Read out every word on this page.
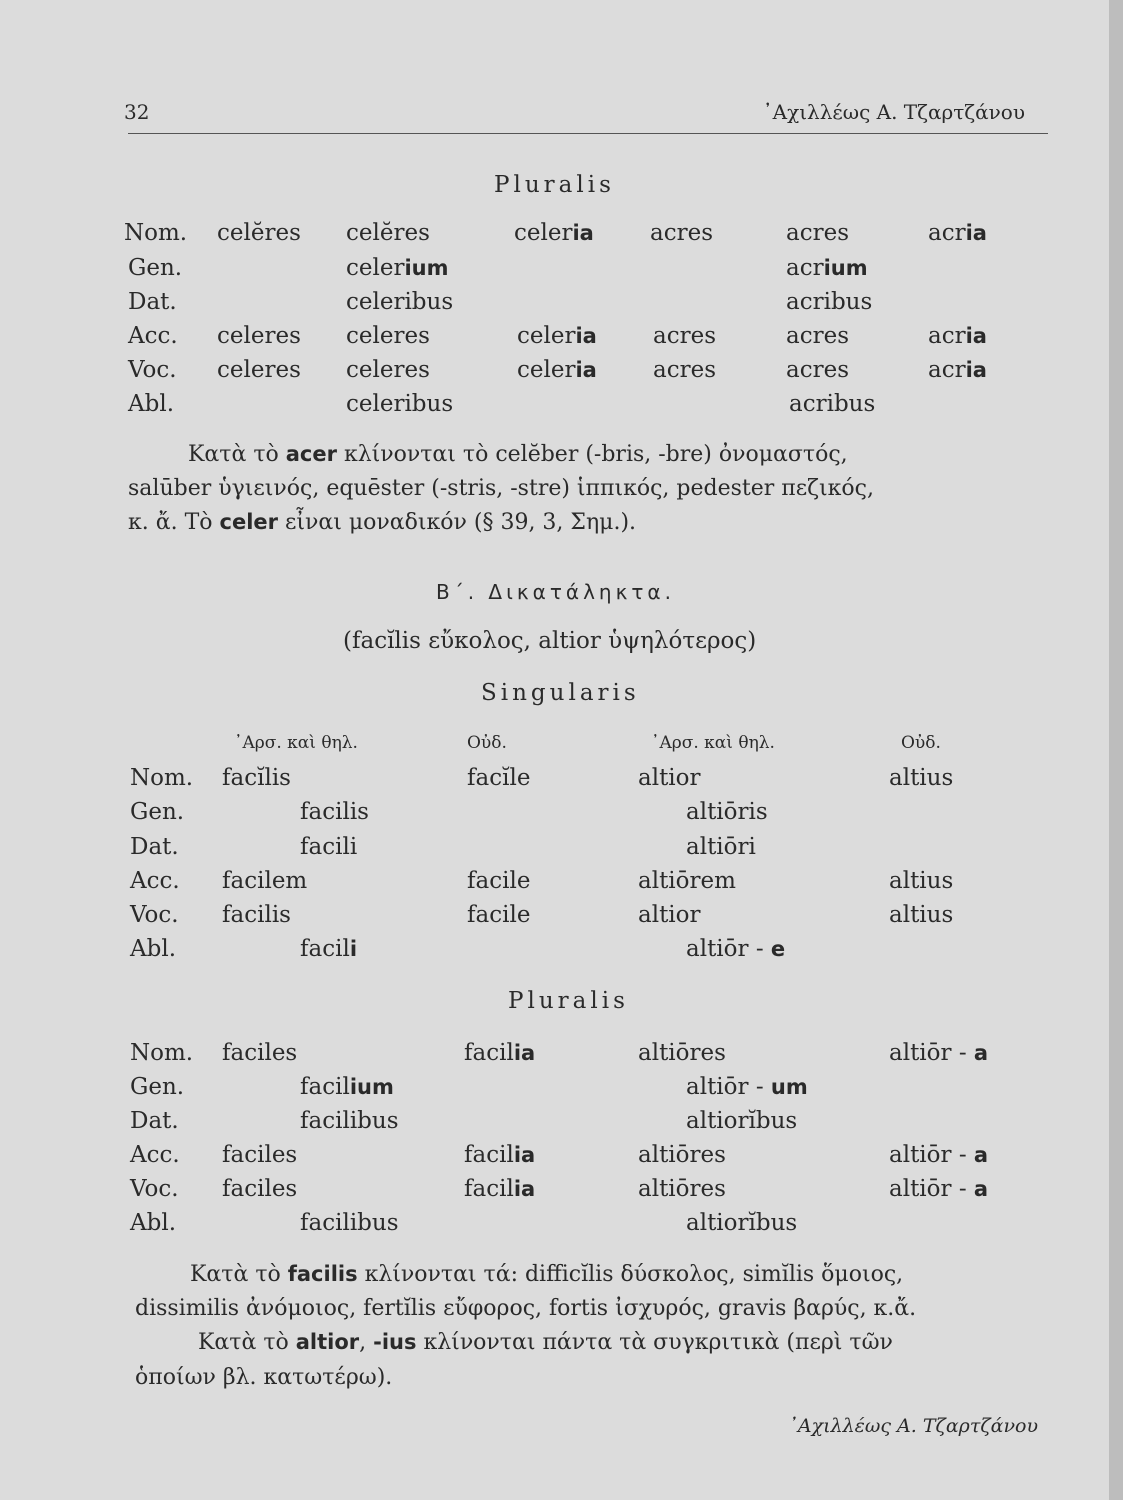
32	᾽Αχιλλέως Α. Τζαρτζάνου
Pluralis
Nom. celĕres celĕres	celeria acres	acres	acria
Gen.	celerium	acrium
Dat.	celeribus	acribus
Acc. celeres celeres	celeria acres	acres	acria
Voc. celeres celeres	celeria acres	acres	acria
Abl.	celeribus	acribus
Κατὰ τὸ acer κλίνονται τὸ celĕber (-bris, -bre) ὀνομαστός,
salūber ὑγιεινός, equēster (-stris, -stre) ἱππικός, pedester πεζικός,
κ. ἄ. Τὸ celer εἶναι μοναδικόν (§ 39, 3, Σημ.).
Β΄. Δικατάληκτα.
(facĭlis εὔκολος, altior ὑψηλότερος)
Singularis
᾽Αρσ. καὶ θηλ.	Οὐδ.	᾽Αρσ. καὶ θηλ.	Οὐδ.
Nom. facĭlis	facĭle	altior	altius
Gen.	facilis	altiōris
Dat.	facili	altiōri
Acc. facilem	facile	altiōrem	altius
Voc. facilis	facile	altior	altius
Abl.	facili	altiōr - e
Pluralis
Nom. faciles	facilia	altiōres	altiōr - a
Gen.	facilium	altiōr - um
Dat.	facilibus	altiorĭbus
Acc. faciles	facilia	altiōres	altiōr - a
Voc. faciles	facilia	altiōres	altiōr - a
Abl.	facilibus	altiorĭbus
Κατὰ τὸ facilis κλίνονται τά: difficĭlis δύσκολος, simĭlis ὅμοιος,
dissimilis ἀνόμοιος, fertĭlis εὔφορος, fortis ἰσχυρός, gravis βαρύς, κ.ἄ.
Κατὰ τὸ altior, -ius κλίνονται πάντα τὰ συγκριτικὰ (περὶ τῶν
ὁποίων βλ. κατωτέρω).
᾽Αχιλλέως Α. Τζαρτζάνου
